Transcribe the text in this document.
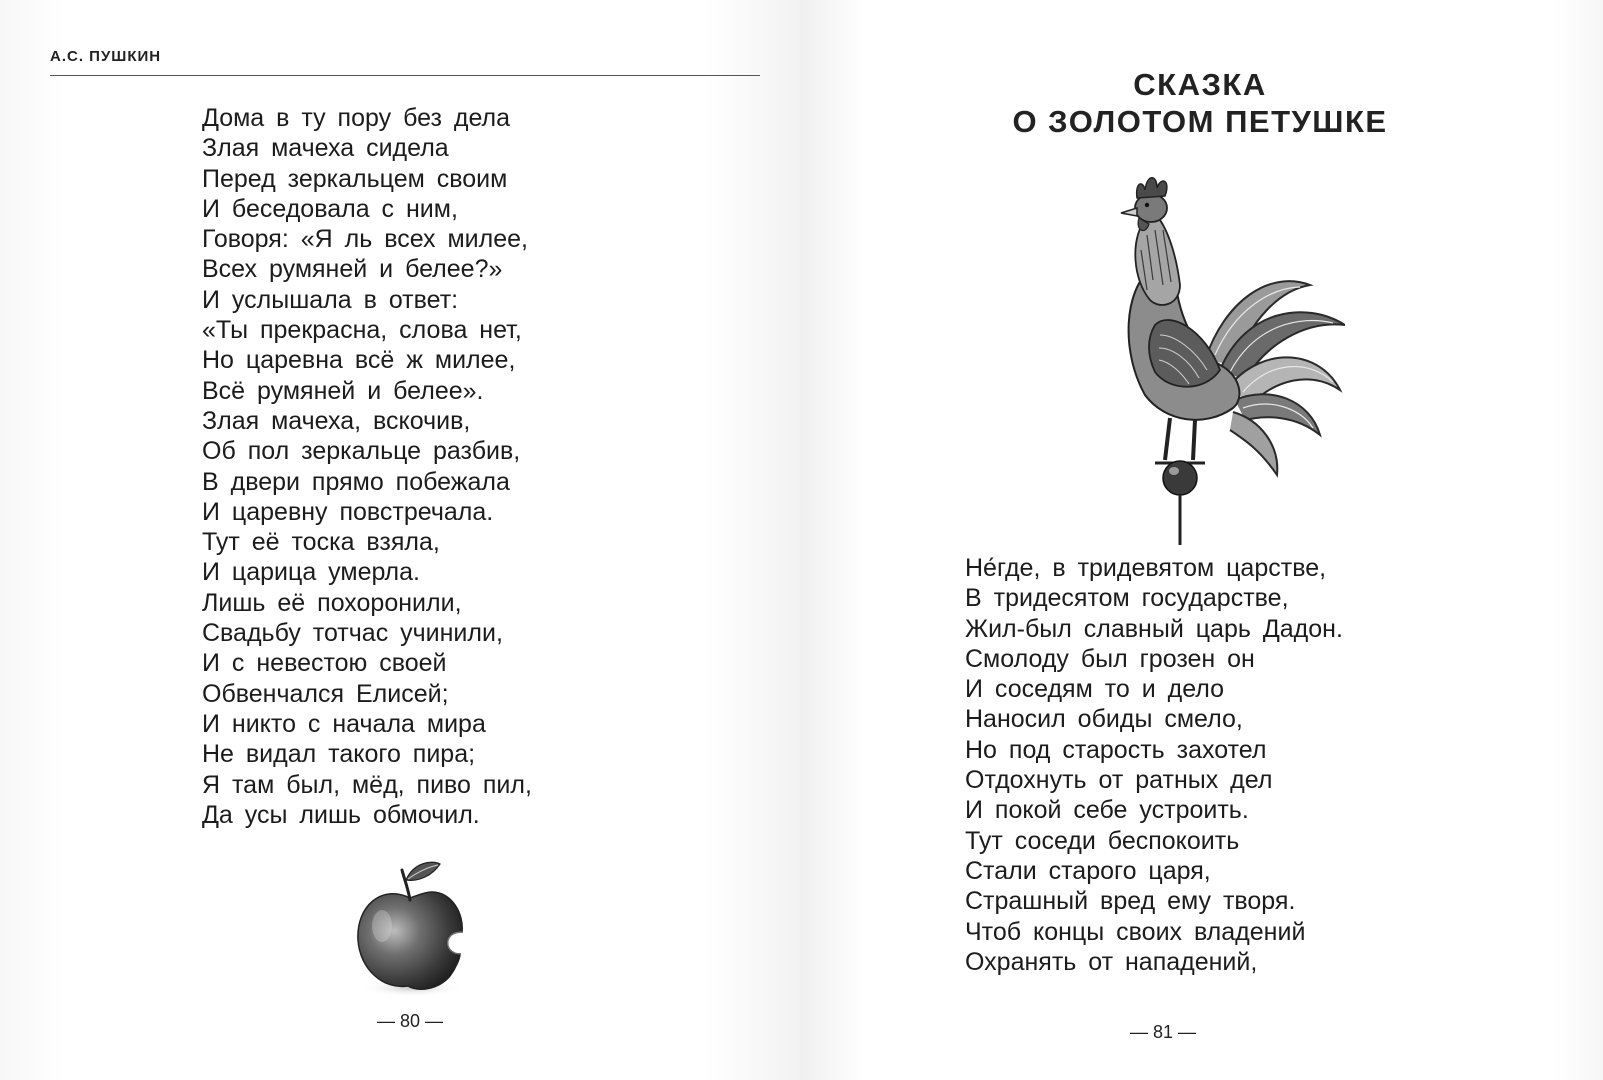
А.С. ПУШКИН
Дома в ту пору без дела
Злая мачеха сидела
Перед зеркальцем своим
И беседовала с ним,
Говоря: «Я ль всех милее,
Всех румяней и белее?»
И услышала в ответ:
«Ты прекрасна, слова нет,
Но царевна всё ж милее,
Всё румяней и белее».
Злая мачеха, вскочив,
Об пол зеркальце разбив,
В двери прямо побежала
И царевну повстречала.
Тут её тоска взяла,
И царица умерла.
Лишь её похоронили,
Свадьбу тотчас учинили,
И с невестою своей
Обвенчался Елисей;
И никто с начала мира
Не видал такого пира;
Я там был, мёд, пиво пил,
Да усы лишь обмочил.
— 80 —
СКАЗКА
О ЗОЛОТОМ ПЕТУШКЕ
Не́где, в тридевятом царстве,
В тридесятом государстве,
Жил-был славный царь Дадон.
Смолоду был грозен он
И соседям то и дело
Наносил обиды смело,
Но под старость захотел
Отдохнуть от ратных дел
И покой себе устроить.
Тут соседи беспокоить
Стали старого царя,
Страшный вред ему творя.
Чтоб концы своих владений
Охранять от нападений,
— 81 —
